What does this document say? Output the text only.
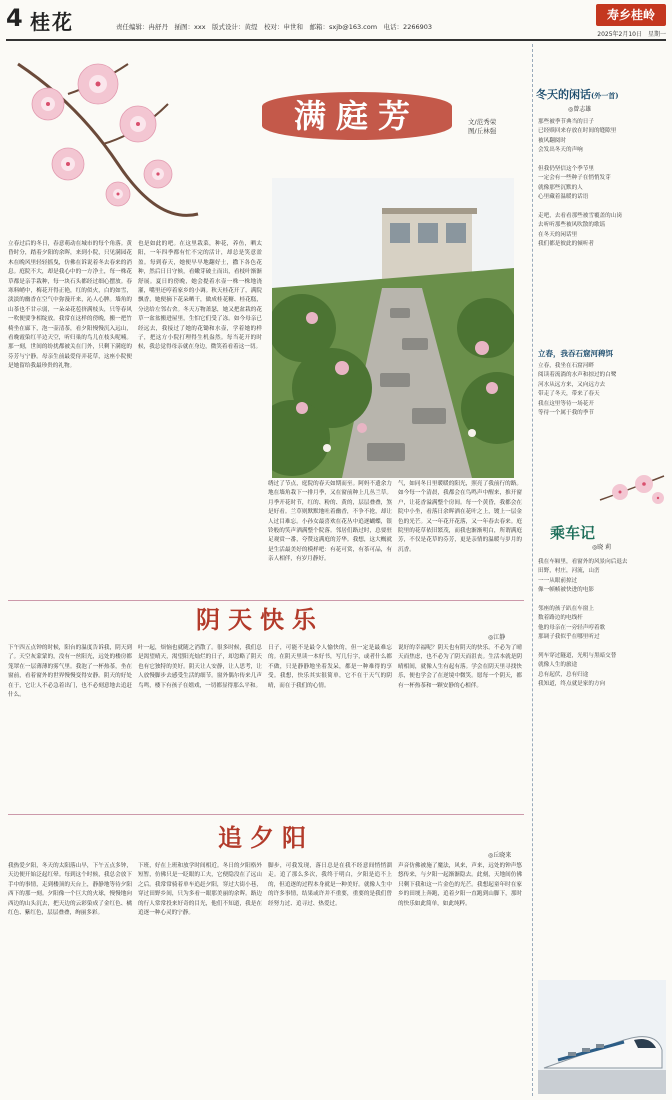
4 桂花	责任编辑：冉舒丹　插图：xxx　版式设计：黄缇　校对：申世和　邮箱：sxjb@163.com　电话：2266903
寿乡桂岭
2025年2月10日　星期一
满庭芳	文/范秀荣
图/丘林强
立春过后的冬日，春意萌动在城市的每个角落。黄昏时分，踏着夕阳的余晖，来到小院，只见满园花木在晚风里轻轻摇曳，仿佛在诉说着冬去春来的消息。庭院不大，却是我心中的一方净土，每一株花草都是亲手栽种，每一块石头都经过细心摆放。春寒料峭中，梅花开得正艳，红的似火，白的如雪，淡淡的幽香在空气中弥漫开来，沁人心脾。墙角的山茶也不甘示弱，一朵朵花苞挤满枝头，只等春风一吹便要争相绽放。我常在这样的傍晚，搬一把竹椅坐在廊下，泡一壶清茶，看夕阳慢慢沉入远山，看晚霞染红半边天空，听归巢的鸟儿在枝头呢喃。那一刻，世间的纷扰都被关在门外，只剩下满庭的芬芳与宁静。母亲生前最爱侍弄花草，这座小院便是她留给我最珍贵的礼物。
也是如此的吧。在这里栽菜，种花，养鱼，晒太阳，一年四季都有忙不完的活计，却总是笑意盈盈。每到春天，她便早早地翻好土，撒下各色花种，然后日日守候，看嫩芽破土而出，看枝叶渐渐舒展。夏日的傍晚，她会提着水壶一株一株地浇灌，嘴里还哼着家乡的小调。秋天桂花开了，满院飘香，她便摘下花朵晒干，做成桂花糖、桂花糕，分送给左邻右舍。冬天万物萧瑟，她又把盆栽的花草一盆盆搬进屋里，生怕它们受了冻。如今母亲已经远去，我接过了她的花锄和水壶，学着她的样子，把这方小院打理得生机盎然。每当花开的时候，我总觉得母亲就在身边，微笑着看着这一切。
绣过了节点，庭院的春天如期而至。阿妈不遗余力地在墙角栽下一排月季，又在窗前种上几丛兰草。月季开花时节，红的、粉的、黄的，层层叠叠，煞是好看。兰草则默默地吐着幽香，不争不抢，却让人过目难忘。小孙女最喜欢在花丛中追逐蝴蝶，银铃般的笑声洒满整个院落。邻居们路过时，总要驻足观赏一番，夸赞这满庭的芳华。我想，这大概就是生活最美好的模样吧：有花可赏，有茶可品，有亲人相伴，有岁月静好。
气，如同冬日里暖暖的阳光，照亮了我前行的路。如今每一个清晨，我都会在鸟鸣声中醒来，推开窗户，让花香溢满整个房间。每一个黄昏，我都会在院中小坐，看落日余晖洒在花叶之上，镀上一层金色的光芒。又一年花开花落，又一年春去春来。庭院里的花草依旧繁茂，而我也渐渐明白，所谓满庭芳，不仅是花草的芬芳，更是亲情的温暖与岁月的沉香。
阴天快乐
◎江静
下午四五点钟的时候，阳台的温度告诉我，阴天到了。天空灰蒙蒙的，没有一丝阳光，远处的楼房都笼罩在一层薄薄的雾气里。我泡了一杯热茶，坐在窗前，看着窗外的世界慢慢变得安静。阴天的好处在于，它让人不必急着出门，也不必刻意地去追赶什么。
叶一起，烦恼也就随之消散了。很多时候，我们总是渴望晴天，渴望阳光灿烂的日子，却忽略了阴天也有它独特的美好。阴天让人安静，让人思考，让人放慢脚步去感受生活的细节。窗外偶尔传来几声鸟鸣，楼下有孩子在嬉戏，一切都显得那么平和。
日子，可能不是最令人愉快的，但一定是最难忘的。在阴天里读一本好书，写几行字，或者什么都不做，只是静静地坐着发呆，都是一种难得的享受。我想，快乐其实很简单，它不在于天气的阴晴，而在于我们的心情。
说好的幸福呢？阴天也有阴天的快乐。不必为了晴天而焦虑，也不必为了阴天而沮丧。生活本就是阴晴相间，就像人生有起有落。学会在阴天里寻找快乐，便也学会了在逆境中微笑。愿每一个阴天，都有一杯热茶和一颗安静的心相伴。
追夕阳
◎丘晓来
我热爱夕阳，冬天的太阳落山早，下午五点多钟，天边便开始泛起红晕。每到这个时候，我总会放下手中的事情，走到楼顶的天台上，静静地等待夕阳西下的那一刻。夕阳像一个巨大的火球，慢慢地向西边的山头沉去，把天边的云彩染成了金红色、橘红色、紫红色，层层叠叠，绚丽多彩。
下班，好在上班和放学时间相近。冬日的夕阳格外短暂，仿佛只是一眨眼的工夫，它便隐没在了远山之后。我常常骑着单车追赶夕阳，穿过大街小巷，穿过田野乡间，只为多看一眼那美丽的余晖。路边的行人常常投来好奇的目光，他们不知道，我是在追逐一种心灵的宁静。
脚步，可我发现，落日总是在我不经意间悄悄溜走。追了那么多次，我终于明白，夕阳是追不上的，但追逐的过程本身就是一种美好。就像人生中的许多事情，结果或许并不重要，重要的是我们曾经努力过、追寻过、热爱过。
声音仿佛被施了魔法，风来，声来，远处的钟声悠悠传来，与夕阳一起渐渐隐去。此刻，天地间仿佛只剩下我和这一片金色的光芒。我想起童年时在家乡的田埂上奔跑，追着夕阳一直跑到山脚下，那时的快乐如此简单，如此纯粹。
冬天的闲话(外一首)
◎曾志雄
那些被季节典当的日子
已经赎回来存放在时间的缝隙里
被风翻阅时
会发出冬天的声响

但我仍坚信这个季节里
一定会有一些种子在悄悄发芽
就像那些沉默的人
心里藏着温暖的话语

走吧，去看看那些被雪覆盖的山岗
去听听那些被风吹散的歌谣
在冬天的闲话里
我们都是彼此的倾听者
立春，我吞石窟河稗饵
立春，我坐在石窟河畔
阅读着流淌的水声和掠过的白鹭
河水从远方来，又向远方去
带走了冬天，带来了春天
我在这里等待一场花开
等待一个属于我的季节
乘车记
◎晓 莉
我在车厢里，看窗外的风景向后退去
田野，村庄，河流，山峦
一一从眼前掠过
像一帧帧被快进的电影

邻座的孩子趴在车窗上
数着路边的电线杆
他的母亲在一旁轻声哼着歌
那调子我似乎在哪里听过

列车穿过隧道，光明与黑暗交替
就像人生的旅途
总有起伏，总有归途
我知道，终点就是家的方向
